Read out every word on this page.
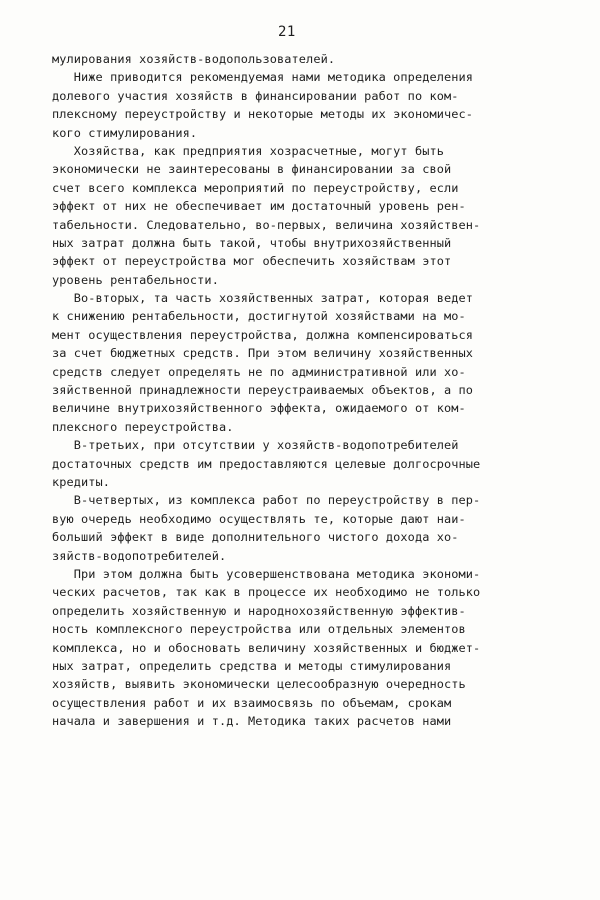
21
мулирования хозяйств-водопользователей.
Ниже приводится рекомендуемая нами методика определения
долевого участия хозяйств в финансировании работ по ком-
плексному переустройству и некоторые методы их экономичес-
кого стимулирования.
Хозяйства, как предприятия хозрасчетные, могут быть
экономически не заинтересованы в финансировании за свой
счет всего комплекса мероприятий по переустройству, если
эффект от них не обеспечивает им достаточный уровень рен-
табельности. Следовательно, во-первых, величина хозяйствен-
ных затрат должна быть такой, чтобы внутрихозяйственный
эффект от переустройства мог обеспечить хозяйствам этот
уровень рентабельности.
Во-вторых, та часть хозяйственных затрат, которая ведет
к снижению рентабельности, достигнутой хозяйствами на мо-
мент осуществления переустройства, должна компенсироваться
за счет бюджетных средств. При этом величину хозяйственных
средств следует определять не по административной или хо-
зяйственной принадлежности переустраиваемых объектов, а по
величине внутрихозяйственного эффекта, ожидаемого от ком-
плексного переустройства.
В-третьих, при отсутствии у хозяйств-водопотребителей
достаточных средств им предоставляются целевые долгосрочные
кредиты.
В-четвертых, из комплекса работ по переустройству в пер-
вую очередь необходимо осуществлять те, которые дают наи-
больший эффект в виде дополнительного чистого дохода хо-
зяйств-водопотребителей.
При этом должна быть усовершенствована методика экономи-
ческих расчетов, так как в процессе их необходимо не только
определить хозяйственную и народнохозяйственную эффектив-
ность комплексного переустройства или отдельных элементов
комплекса, но и обосновать величину хозяйственных и бюджет-
ных затрат, определить средства и методы стимулирования
хозяйств, выявить экономически целесообразную очередность
осуществления работ и их взаимосвязь по объемам, срокам
начала и завершения и т.д. Методика таких расчетов нами
